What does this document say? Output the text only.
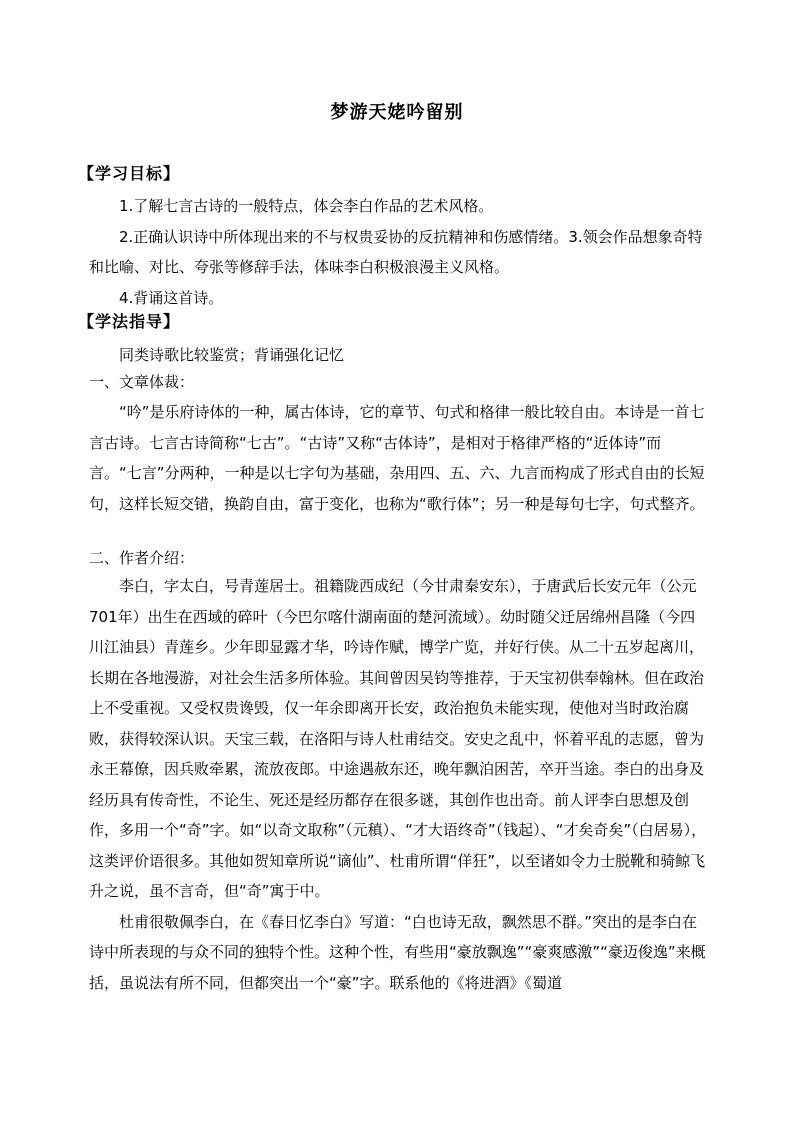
梦游天姥吟留别
【学习目标】

1.了解七言古诗的一般特点，体会李白作品的艺术风格。

2.正确认识诗中所体现出来的不与权贵妥协的反抗精神和伤感情绪。3.领会作品想象奇特和比喻、对比、夸张等修辞手法，体味李白积极浪漫主义风格。

4.背诵这首诗。

【学法指导】
同类诗歌比较鉴赏；背诵强化记忆
一、文章体裁：
“吟”是乐府诗体的一种，属古体诗，它的章节、句式和格律一般比较自由。本诗是一首七言古诗。七言古诗简称“七古”。“古诗”又称“古体诗”，是相对于格律严格的“近体诗”而言。“七言”分两种，一种是以七字句为基础，杂用四、五、六、九言而构成了形式自由的长短句，这样长短交错，换韵自由，富于变化，也称为“歌行体”；另一种是每句七字，句式整齐。
二、作者介绍：

李白，字太白，号青莲居士。祖籍陇西成纪（今甘肃秦安东），于唐武后长安元年（公元701年）出生在西域的碎叶（今巴尔喀什湖南面的楚河流域）。幼时随父迁居绵州昌隆（今四川江油县）青莲乡。少年即显露才华，吟诗作赋，博学广览，并好行侠。从二十五岁起离川，长期在各地漫游，对社会生活多所体验。其间曾因吴钧等推荐，于天宝初供奉翰林。但在政治上不受重视。又受权贵谗毁，仅一年余即离开长安，政治抱负未能实现，使他对当时政治腐败，获得较深认识。天宝三载，在洛阳与诗人杜甫结交。安史之乱中，怀着平乱的志愿，曾为永王幕僚，因兵败牵累，流放夜郎。中途遇赦东还，晚年飘泊困苦，卒开当途。李白的出身及经历具有传奇性，不论生、死还是经历都存在很多谜，其创作也出奇。前人评李白思想及创作，多用一个“奇”字。如“以奇文取称”（元稹）、“才大语终奇”（钱起）、“才矣奇矣”（白居易），这类评价语很多。其他如贺知章所说“谪仙”、杜甫所谓“佯狂”，以至诸如令力士脱靴和骑鲸飞升之说，虽不言奇，但“奇”寓于中。

杜甫很敬佩李白，在《春日忆李白》写道：“白也诗无敌，飘然思不群。”突出的是李白在诗中所表现的与众不同的独特个性。这种个性，有些用“豪放飘逸”“豪爽感激”“豪迈俊逸”来概括，虽说法有所不同，但都突出一个“豪”字。联系他的《将进酒》《蜀道
